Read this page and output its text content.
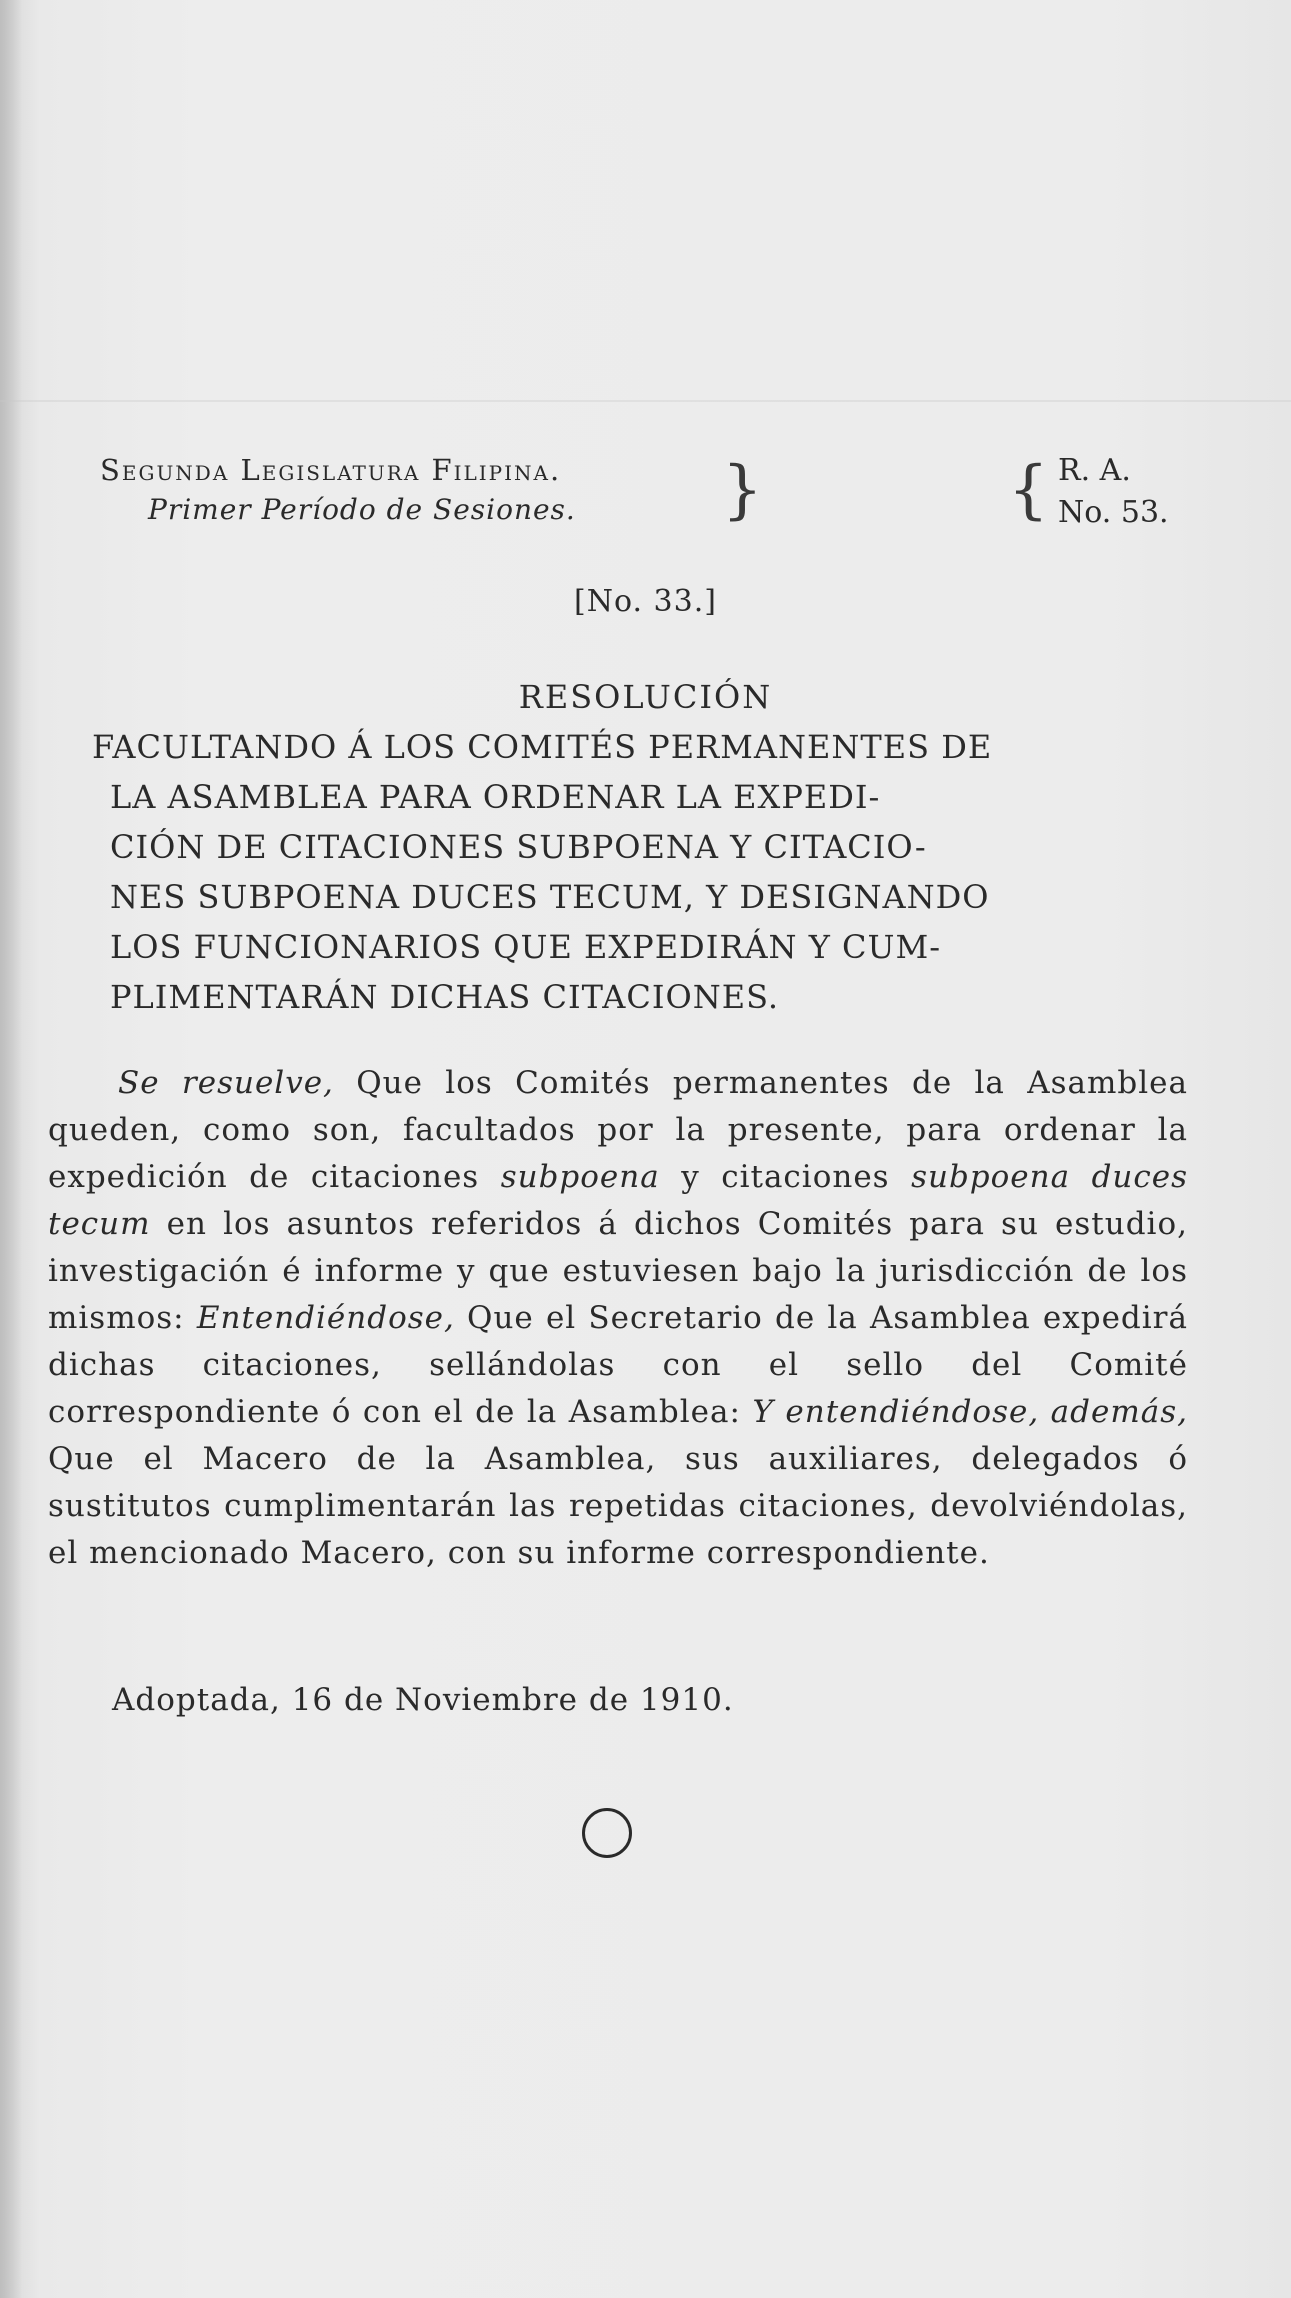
Segunda Legislatura Filipina.
Primer Período de Sesiones.	}	{ R. A.
No. 53.
[No. 33.]
RESOLUCIÓN
FACULTANDO Á LOS COMITÉS PERMANENTES DE
LA ASAMBLEA PARA ORDENAR LA EXPEDI-
CIÓN DE CITACIONES SUBPOENA Y CITACIO-
NES SUBPOENA DUCES TECUM, Y DESIGNANDO
LOS FUNCIONARIOS QUE EXPEDIRÁN Y CUM-
PLIMENTARÁN DICHAS CITACIONES.

Se resuelve, Que los Comités permanentes de la Asamblea queden, como son, facultados por la presente, para ordenar la expedición de citaciones subpoena y citaciones subpoena duces tecum en los asuntos referidos á dichos Comités para su estudio, investigación é informe y que estuviesen bajo la jurisdicción de los mismos: Entendiéndose, Que el Secretario de la Asamblea expedirá dichas citaciones, sellándolas con el sello del Comité correspondiente ó con el de la Asamblea: Y entendiéndose, además, Que el Macero de la Asamblea, sus auxiliares, delegados ó sustitutos cumplimentarán las repetidas citaciones, devolviéndolas, el mencionado Macero, con su informe correspondiente.

Adoptada, 16 de Noviembre de 1910.
